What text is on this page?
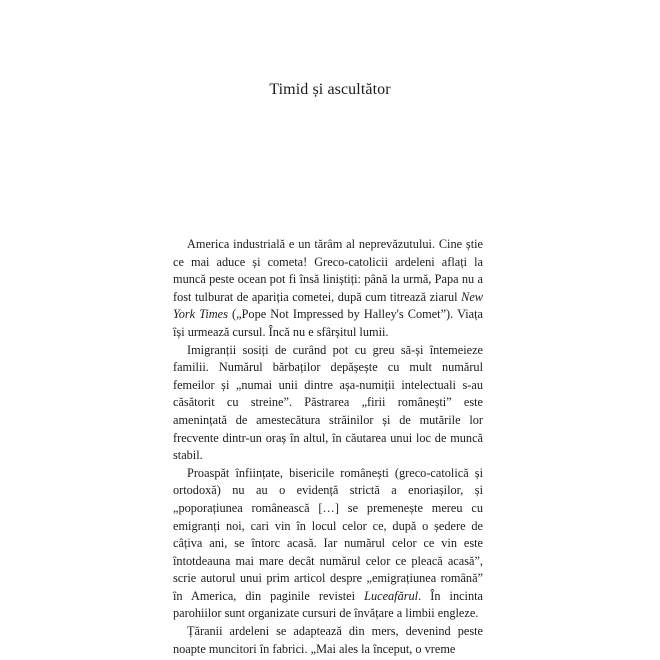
Timid și ascultător

America industrială e un tărâm al neprevăzutului. Cine știe ce mai aduce și cometa! Greco-catolicii ardeleni aflați la muncă peste ocean pot fi însă liniștiți: până la urmă, Papa nu a fost tulburat de apariția cometei, după cum titrează ziarul New York Times („Pope Not Impressed by Halley's Comet”). Viața își urmează cursul. Încă nu e sfârșitul lumii.

Imigranții sosiți de curând pot cu greu să-și întemeieze familii. Numărul bărbaților depășește cu mult numărul femeilor și „numai unii dintre așa-numiții intelectuali s-au căsătorit cu streine”. Păstrarea „firii românești” este amenințată de amestecătura străinilor și de mutările lor frecvente dintr-un oraș în altul, în căutarea unui loc de muncă stabil.

Proaspăt înființate, bisericile românești (greco-catolică și ortodoxă) nu au o evidență strictă a enoriașilor, și „poporațiunea românească […] se premenește mereu cu emigranți noi, cari vin în locul celor ce, după o ședere de câțiva ani, se întorc acasă. Iar numărul celor ce vin este întotdeauna mai mare decât numărul celor ce pleacă acasă”, scrie autorul unui prim articol despre „emigrațiunea română” în America, din paginile revistei Luceafărul. În incinta parohiilor sunt organizate cursuri de învățare a limbii engleze.

Țăranii ardeleni se adaptează din mers, devenind peste noapte muncitori în fabrici. „Mai ales la început, o vreme
